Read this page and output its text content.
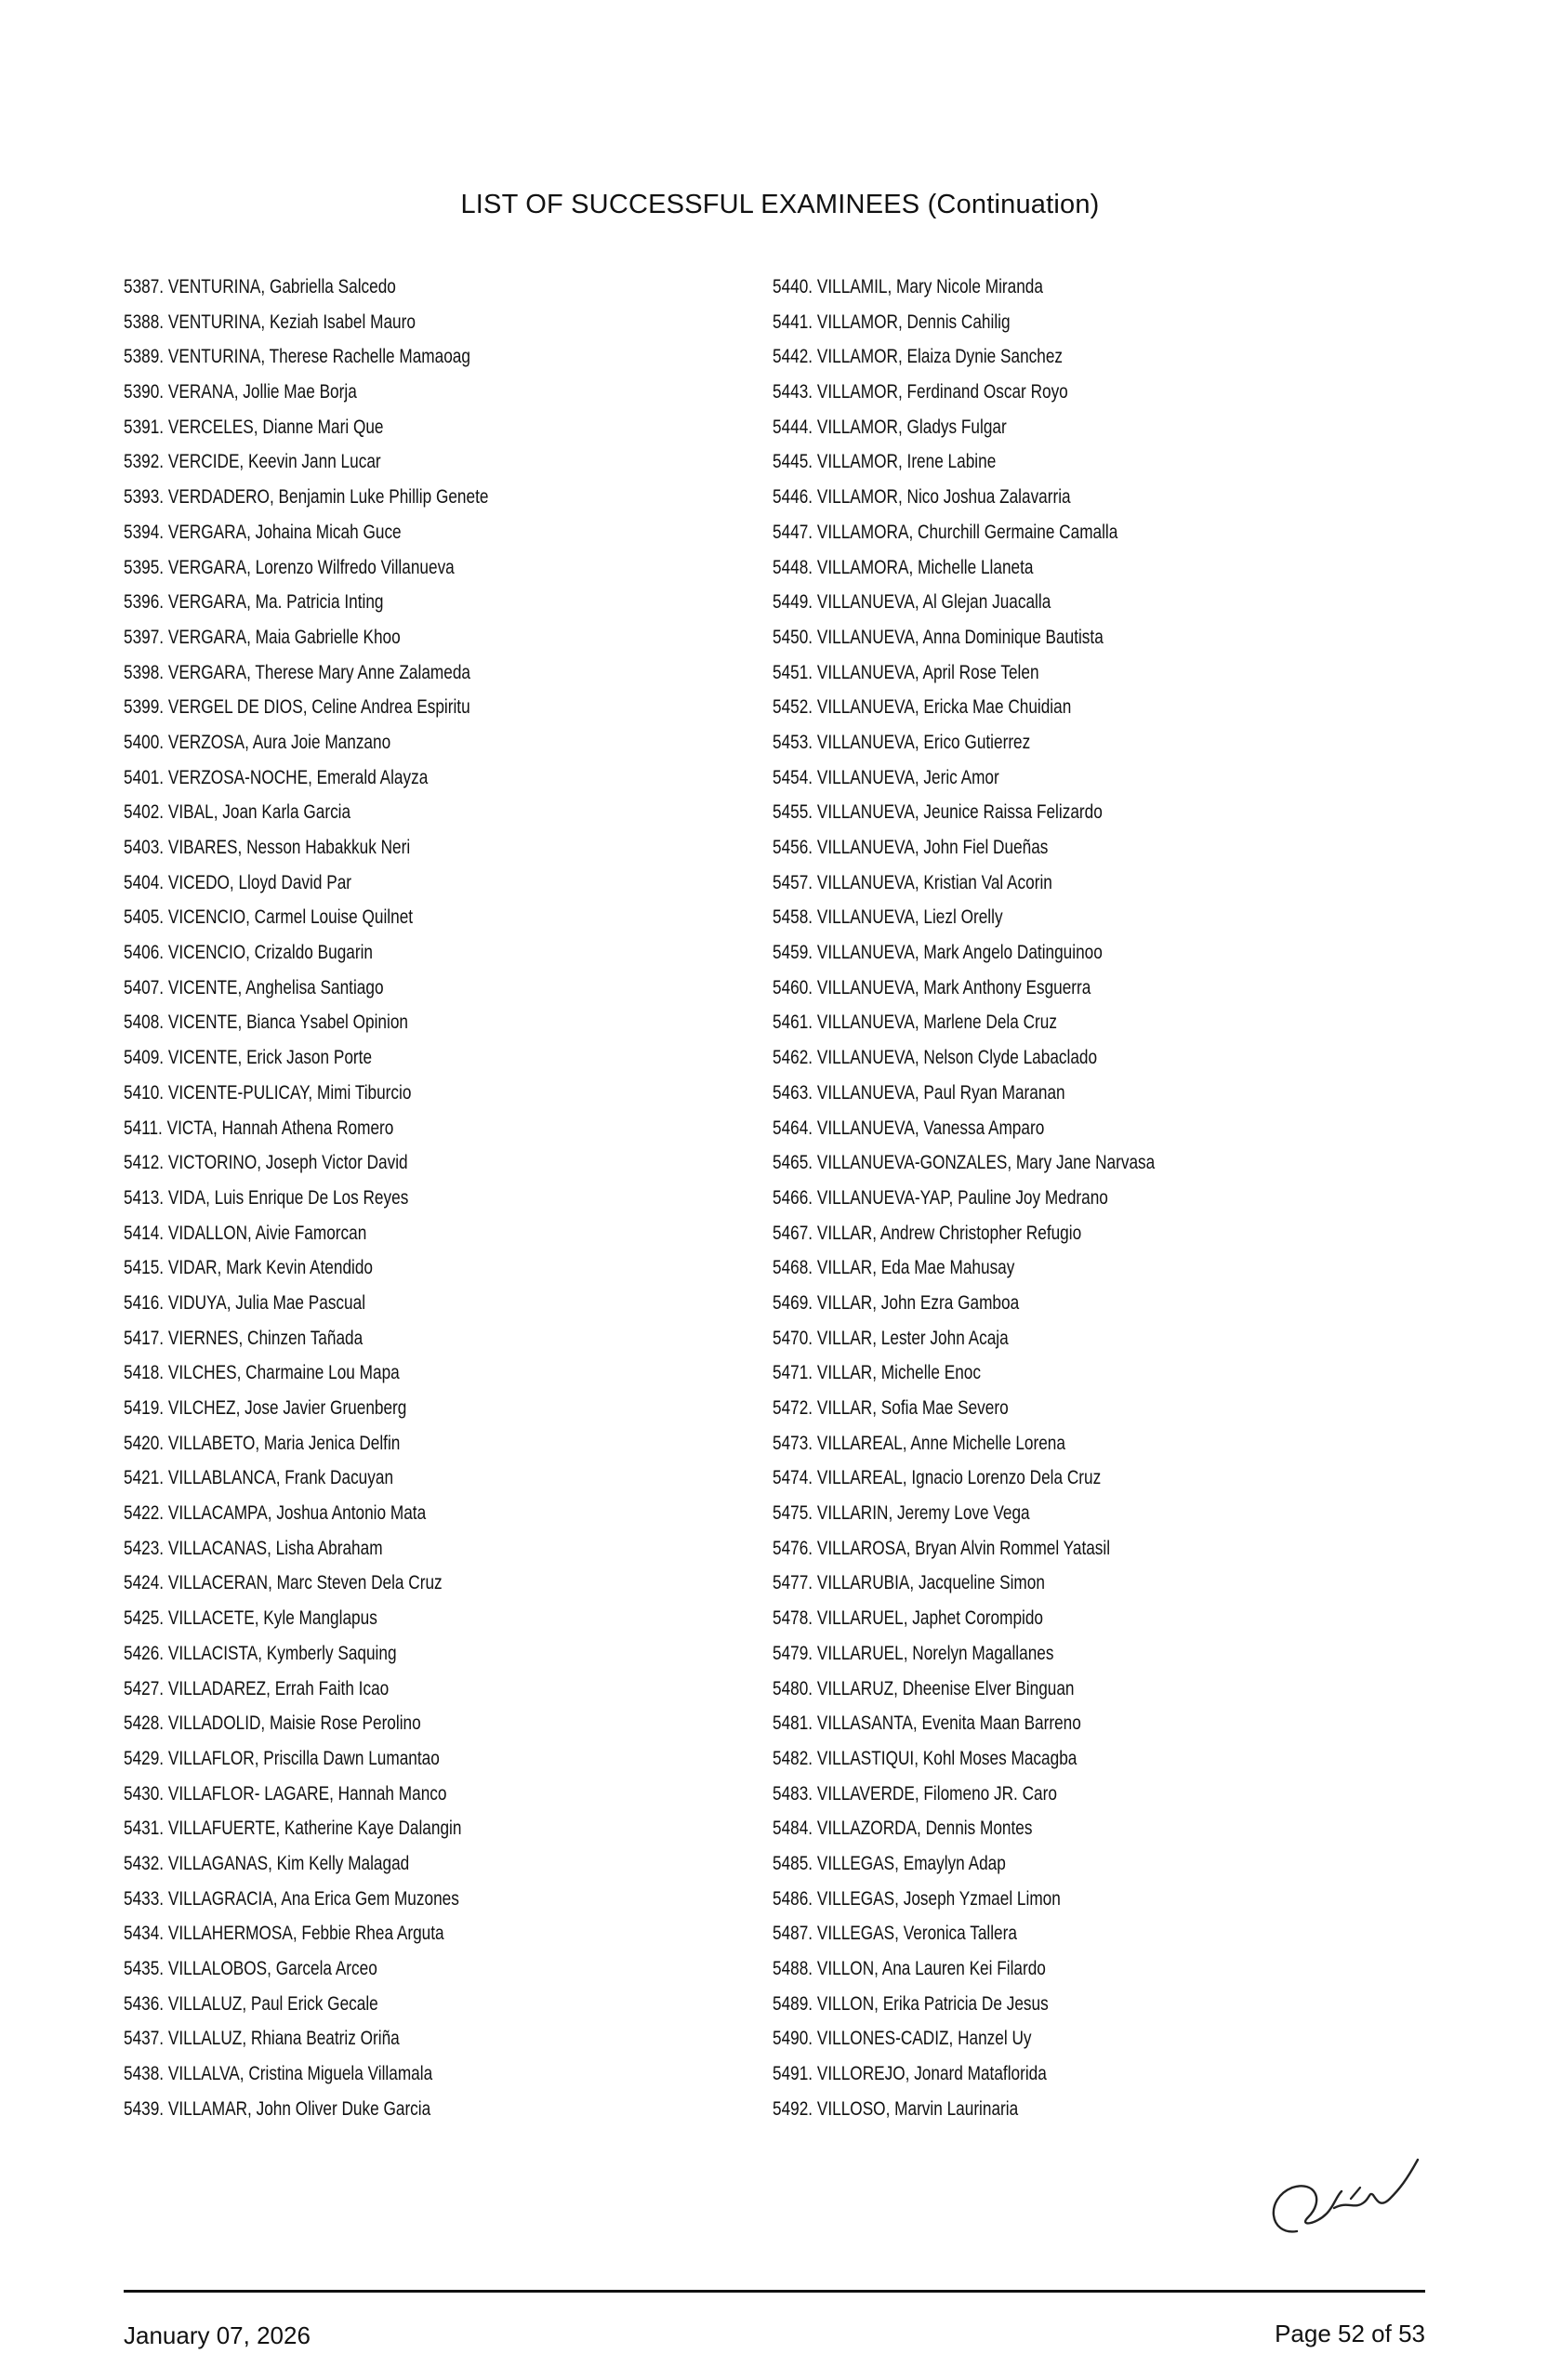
LIST OF SUCCESSFUL EXAMINEES (Continuation)
5387. VENTURINA, Gabriella Salcedo
5388. VENTURINA, Keziah Isabel Mauro
5389. VENTURINA, Therese Rachelle Mamaoag
5390. VERANA, Jollie Mae Borja
5391. VERCELES, Dianne Mari Que
5392. VERCIDE, Keevin Jann Lucar
5393. VERDADERO, Benjamin Luke Phillip Genete
5394. VERGARA, Johaina Micah Guce
5395. VERGARA, Lorenzo Wilfredo Villanueva
5396. VERGARA, Ma. Patricia Inting
5397. VERGARA, Maia Gabrielle Khoo
5398. VERGARA, Therese Mary Anne Zalameda
5399. VERGEL DE DIOS, Celine Andrea Espiritu
5400. VERZOSA, Aura Joie Manzano
5401. VERZOSA-NOCHE, Emerald Alayza
5402. VIBAL, Joan Karla Garcia
5403. VIBARES, Nesson Habakkuk Neri
5404. VICEDO, Lloyd David Par
5405. VICENCIO, Carmel Louise Quilnet
5406. VICENCIO, Crizaldo Bugarin
5407. VICENTE, Anghelisa Santiago
5408. VICENTE, Bianca Ysabel Opinion
5409. VICENTE, Erick Jason Porte
5410. VICENTE-PULICAY, Mimi Tiburcio
5411. VICTA, Hannah Athena Romero
5412. VICTORINO, Joseph Victor David
5413. VIDA, Luis Enrique De Los Reyes
5414. VIDALLON, Aivie Famorcan
5415. VIDAR, Mark Kevin Atendido
5416. VIDUYA, Julia Mae Pascual
5417. VIERNES, Chinzen Tañada
5418. VILCHES, Charmaine Lou Mapa
5419. VILCHEZ, Jose Javier Gruenberg
5420. VILLABETO, Maria Jenica Delfin
5421. VILLABLANCA, Frank Dacuyan
5422. VILLACAMPA, Joshua Antonio Mata
5423. VILLACANAS, Lisha Abraham
5424. VILLACERAN, Marc Steven Dela Cruz
5425. VILLACETE, Kyle Manglapus
5426. VILLACISTA, Kymberly Saquing
5427. VILLADAREZ, Errah Faith Icao
5428. VILLADOLID, Maisie Rose Perolino
5429. VILLAFLOR, Priscilla Dawn Lumantao
5430. VILLAFLOR- LAGARE, Hannah Manco
5431. VILLAFUERTE, Katherine Kaye Dalangin
5432. VILLAGANAS, Kim Kelly Malagad
5433. VILLAGRACIA, Ana Erica Gem Muzones
5434. VILLAHERMOSA, Febbie Rhea Arguta
5435. VILLALOBOS, Garcela Arceo
5436. VILLALUZ, Paul Erick Gecale
5437. VILLALUZ, Rhiana Beatriz Oriña
5438. VILLALVA, Cristina Miguela Villamala
5439. VILLAMAR, John Oliver Duke Garcia
5440. VILLAMIL, Mary Nicole Miranda
5441. VILLAMOR, Dennis Cahilig
5442. VILLAMOR, Elaiza Dynie Sanchez
5443. VILLAMOR, Ferdinand Oscar Royo
5444. VILLAMOR, Gladys Fulgar
5445. VILLAMOR, Irene Labine
5446. VILLAMOR, Nico Joshua Zalavarria
5447. VILLAMORA, Churchill Germaine Camalla
5448. VILLAMORA, Michelle Llaneta
5449. VILLANUEVA, Al Glejan Juacalla
5450. VILLANUEVA, Anna Dominique Bautista
5451. VILLANUEVA, April Rose Telen
5452. VILLANUEVA, Ericka Mae Chuidian
5453. VILLANUEVA, Erico Gutierrez
5454. VILLANUEVA, Jeric Amor
5455. VILLANUEVA, Jeunice Raissa Felizardo
5456. VILLANUEVA, John Fiel Dueñas
5457. VILLANUEVA, Kristian Val Acorin
5458. VILLANUEVA, Liezl Orelly
5459. VILLANUEVA, Mark Angelo Datinguinoo
5460. VILLANUEVA, Mark Anthony Esguerra
5461. VILLANUEVA, Marlene Dela Cruz
5462. VILLANUEVA, Nelson Clyde Labaclado
5463. VILLANUEVA, Paul Ryan Maranan
5464. VILLANUEVA, Vanessa Amparo
5465. VILLANUEVA-GONZALES, Mary Jane Narvasa
5466. VILLANUEVA-YAP, Pauline Joy Medrano
5467. VILLAR, Andrew Christopher Refugio
5468. VILLAR, Eda Mae Mahusay
5469. VILLAR, John Ezra Gamboa
5470. VILLAR, Lester John Acaja
5471. VILLAR, Michelle Enoc
5472. VILLAR, Sofia Mae Severo
5473. VILLAREAL, Anne Michelle Lorena
5474. VILLAREAL, Ignacio Lorenzo Dela Cruz
5475. VILLARIN, Jeremy Love Vega
5476. VILLAROSA, Bryan Alvin Rommel Yatasil
5477. VILLARUBIA, Jacqueline Simon
5478. VILLARUEL, Japhet Corompido
5479. VILLARUEL, Norelyn Magallanes
5480. VILLARUZ, Dheenise Elver Binguan
5481. VILLASANTA, Evenita Maan Barreno
5482. VILLASTIQUI, Kohl Moses Macagba
5483. VILLAVERDE, Filomeno JR. Caro
5484. VILLAZORDA, Dennis Montes
5485. VILLEGAS, Emaylyn Adap
5486. VILLEGAS, Joseph Yzmael Limon
5487. VILLEGAS, Veronica Tallera
5488. VILLON, Ana Lauren Kei Filardo
5489. VILLON, Erika Patricia De Jesus
5490. VILLONES-CADIZ, Hanzel Uy
5491. VILLOREJO, Jonard Mataflorida
5492. VILLOSO, Marvin Laurinaria
January 07, 2026	Page 52 of 53
